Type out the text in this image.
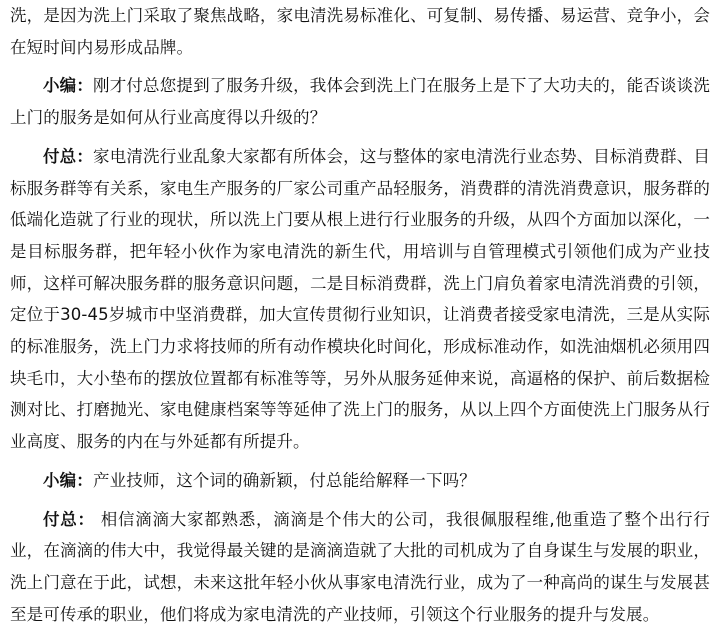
洗，是因为洗上门采取了聚焦战略，家电清洗易标准化、可复制、易传播、易运营、竞争小，会在短时间内易形成品牌。

小编：刚才付总您提到了服务升级，我体会到洗上门在服务上是下了大功夫的，能否谈谈洗上门的服务是如何从行业高度得以升级的？

付总：家电清洗行业乱象大家都有所体会，这与整体的家电清洗行业态势、目标消费群、目标服务群等有关系，家电生产服务的厂家公司重产品轻服务，消费群的清洗消费意识，服务群的低端化造就了行业的现状，所以洗上门要从根上进行行业服务的升级，从四个方面加以深化，一是目标服务群，把年轻小伙作为家电清洗的新生代，用培训与自管理模式引领他们成为产业技师，这样可解决服务群的服务意识问题，二是目标消费群，洗上门肩负着家电清洗消费的引领，定位于30-45岁城市中坚消费群，加大宣传贯彻行业知识，让消费者接受家电清洗，三是从实际的标准服务，洗上门力求将技师的所有动作模块化时间化，形成标准动作，如洗油烟机必须用四块毛巾，大小垫布的摆放位置都有标准等等，另外从服务延伸来说，高逼格的保护、前后数据检测对比、打磨抛光、家电健康档案等等延伸了洗上门的服务，从以上四个方面使洗上门服务从行业高度、服务的内在与外延都有所提升。

小编：产业技师，这个词的确新颖，付总能给解释一下吗？

付总： 相信滴滴大家都熟悉，滴滴是个伟大的公司，我很佩服程维,他重造了整个出行行业，在滴滴的伟大中，我觉得最关键的是滴滴造就了大批的司机成为了自身谋生与发展的职业，洗上门意在于此，试想，未来这批年轻小伙从事家电清洗行业，成为了一种高尚的谋生与发展甚至是可传承的职业，他们将成为家电清洗的产业技师，引领这个行业服务的提升与发展。
